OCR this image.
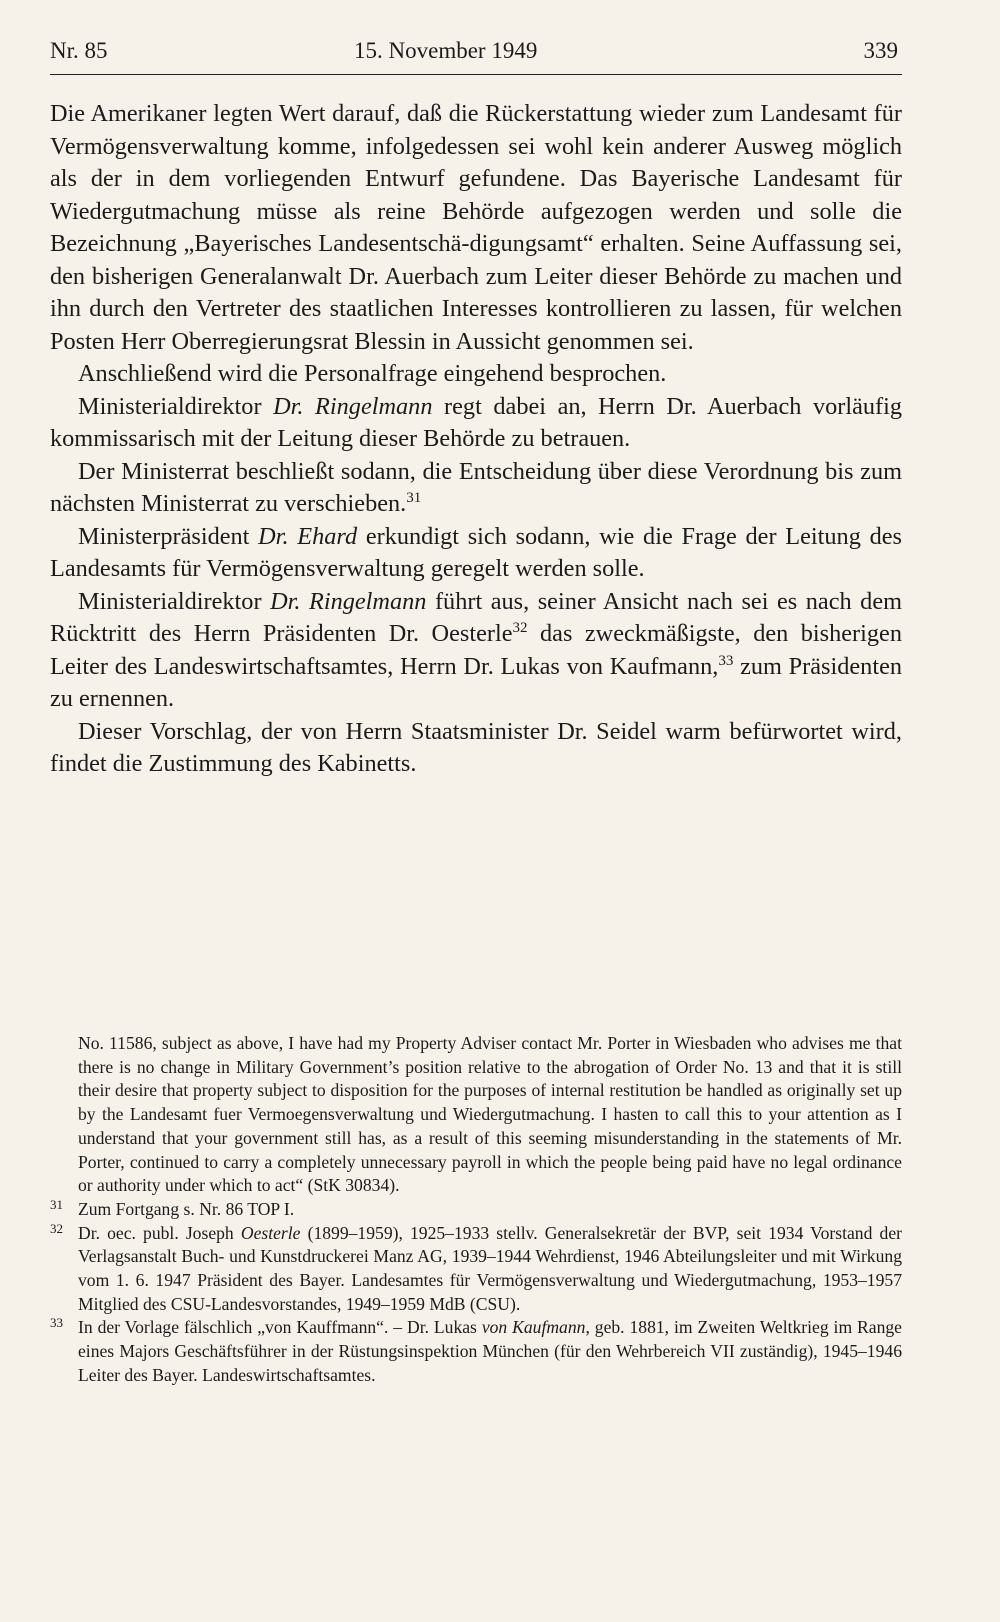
Nr. 85	15. November 1949	339

Die Amerikaner legten Wert darauf, daß die Rückerstattung wieder zum Landesamt für Vermögensverwaltung komme, infolgedessen sei wohl kein anderer Ausweg möglich als der in dem vorliegenden Entwurf gefundene. Das Bayerische Landesamt für Wiedergutmachung müsse als reine Behörde aufgezogen werden und solle die Bezeichnung „Bayerisches Landesentschä-digungsamt“ erhalten. Seine Auffassung sei, den bisherigen Generalanwalt Dr. Auerbach zum Leiter dieser Behörde zu machen und ihn durch den Vertreter des staatlichen Interesses kontrollieren zu lassen, für welchen Posten Herr Oberregierungsrat Blessin in Aussicht genommen sei.

Anschließend wird die Personalfrage eingehend besprochen.

Ministerialdirektor Dr. Ringelmann regt dabei an, Herrn Dr. Auerbach vorläufig kommissarisch mit der Leitung dieser Behörde zu betrauen.

Der Ministerrat beschließt sodann, die Entscheidung über diese Verordnung bis zum nächsten Ministerrat zu verschieben.$^{31}$

Ministerpräsident Dr. Ehard erkundigt sich sodann, wie die Frage der Leitung des Landesamts für Vermögensverwaltung geregelt werden solle.

Ministerialdirektor Dr. Ringelmann führt aus, seiner Ansicht nach sei es nach dem Rücktritt des Herrn Präsidenten Dr. Oesterle$^{32}$ das zweckmäßigste, den bisherigen Leiter des Landeswirtschaftsamtes, Herrn Dr. Lukas von Kaufmann,$^{33}$ zum Präsidenten zu ernennen.

Dieser Vorschlag, der von Herrn Staatsminister Dr. Seidel warm befürwortet wird, findet die Zustimmung des Kabinetts.

No. 11586, subject as above, I have had my Property Adviser contact Mr. Porter in Wiesbaden who advises me that there is no change in Military Government’s position relative to the abrogation of Order No. 13 and that it is still their desire that property subject to disposition for the purposes of internal restitution be handled as originally set up by the Landesamt fuer Vermoegensverwaltung und Wiedergutmachung. I hasten to call this to your attention as I understand that your government still has, as a result of this seeming misunderstanding in the statements of Mr. Porter, continued to carry a completely unnecessary payroll in which the people being paid have no legal ordinance or authority under which to act“ (StK 30834).

31 Zum Fortgang s. Nr. 86 TOP I.

32 Dr. oec. publ. Joseph Oesterle (1899–1959), 1925–1933 stellv. Generalsekretär der BVP, seit 1934 Vorstand der Verlagsanstalt Buch- und Kunstdruckerei Manz AG, 1939–1944 Wehrdienst, 1946 Abteilungsleiter und mit Wirkung vom 1. 6. 1947 Präsident des Bayer. Landesamtes für Vermögensverwaltung und Wiedergutmachung, 1953–1957 Mitglied des CSU-Landesvorstandes, 1949–1959 MdB (CSU).

33 In der Vorlage fälschlich „von Kauffmann“. – Dr. Lukas von Kaufmann, geb. 1881, im Zweiten Weltkrieg im Range eines Majors Geschäftsführer in der Rüstungsinspektion München (für den Wehrbereich VII zuständig), 1945–1946 Leiter des Bayer. Landeswirtschaftsamtes.
